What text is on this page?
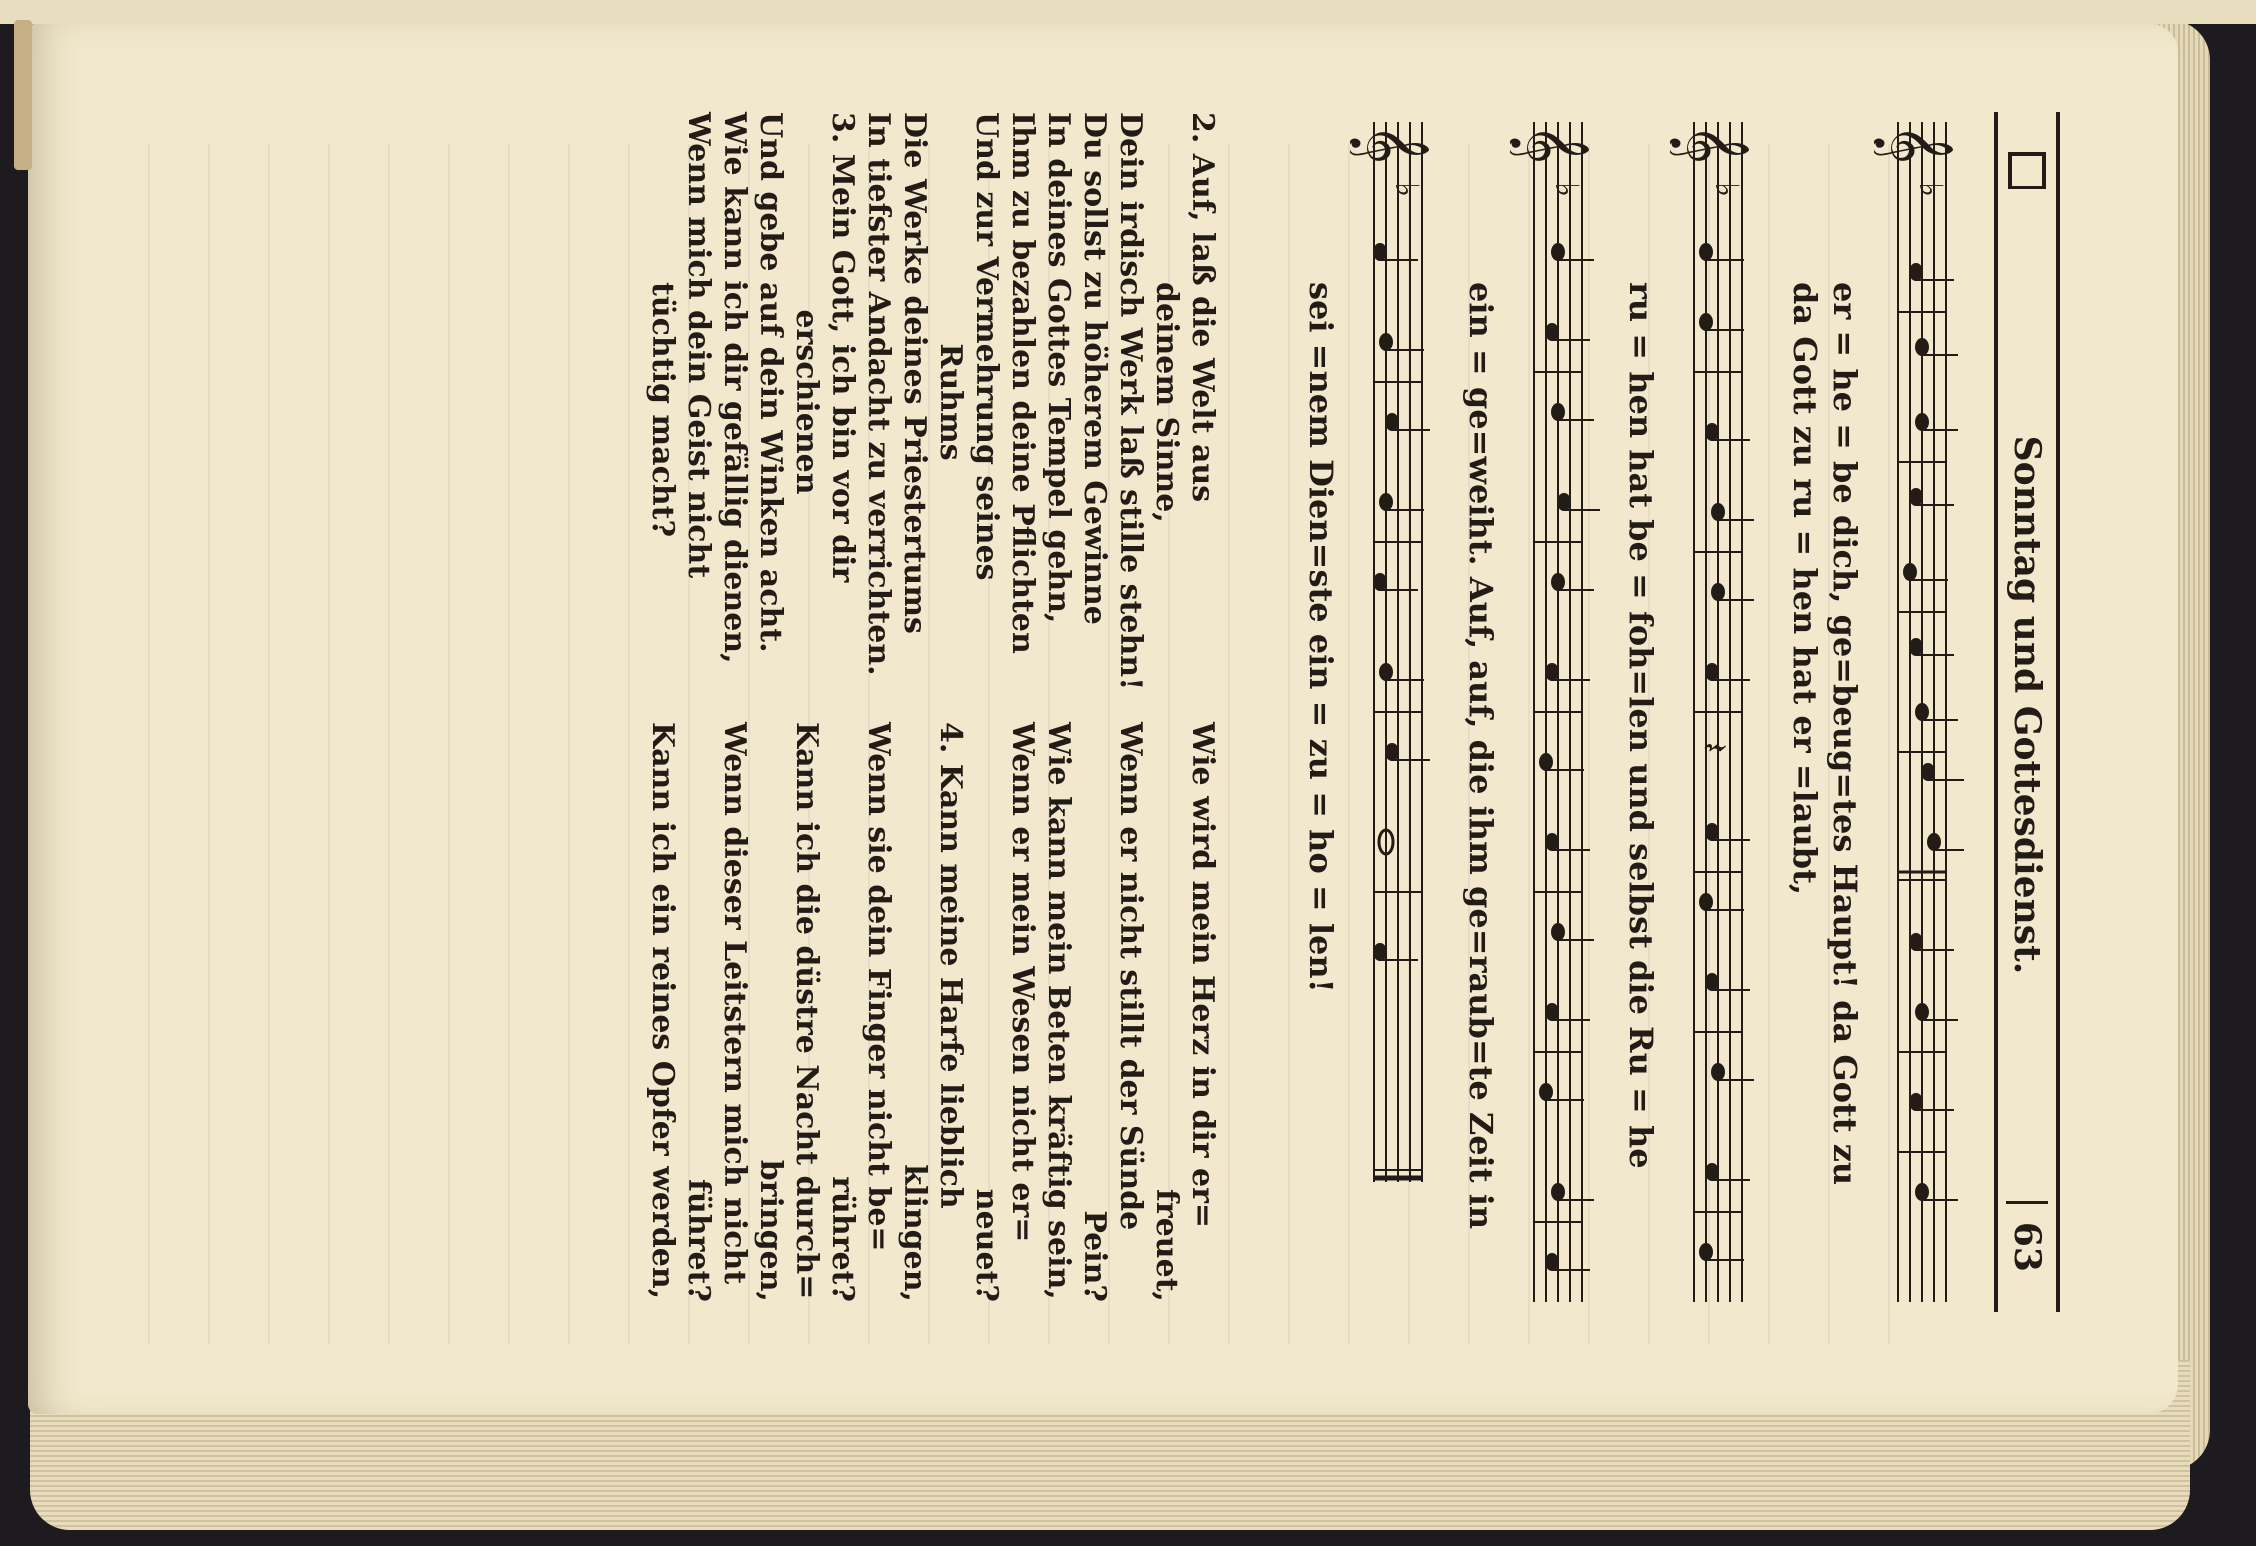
Sonntag und Gottesdienst.
63
𝄞
♭
er = he = be dich, ge=beug=tes Haupt! da Gott zu
da Gott zu ru = hen hat er =laubt,
𝄞
♭
𝄽
ru = hen hat be = foh=len und selbst die Ru = he
𝄞
♭
ein = ge=weiht. Auf, auf, die ihm ge=raub=te Zeit in
𝄞
♭
sei =nem Dien=ste ein = zu = ho = len!
2. Auf, laß die Welt aus
deinem Sinne,
Dein irdisch Werk laß stille stehn!
Du sollst zu höherem Gewinne
In deines Gottes Tempel gehn,
Ihm zu bezahlen deine Pflichten
Und zur Vermehrung seines
Ruhms
Die Werke deines Priestertums
In tiefster Andacht zu verrichten.
3. Mein Gott, ich bin vor dir
erschienen
Und gebe auf dein Winken acht.
Wie kann ich dir gefällig dienen,
Wenn mich dein Geist nicht
tüchtig macht?
Wie wird mein Herz in dir er=
freuet,
Wenn er nicht stillt der Sünde
Pein?
Wie kann mein Beten kräftig sein,
Wenn er mein Wesen nicht er=
neuet?
4. Kann meine Harfe lieblich
klingen,
Wenn sie dein Finger nicht be=
rühret?
Kann ich die düstre Nacht durch=
bringen,
Wenn dieser Leitstern mich nicht
führet?
Kann ich ein reines Opfer werden,
